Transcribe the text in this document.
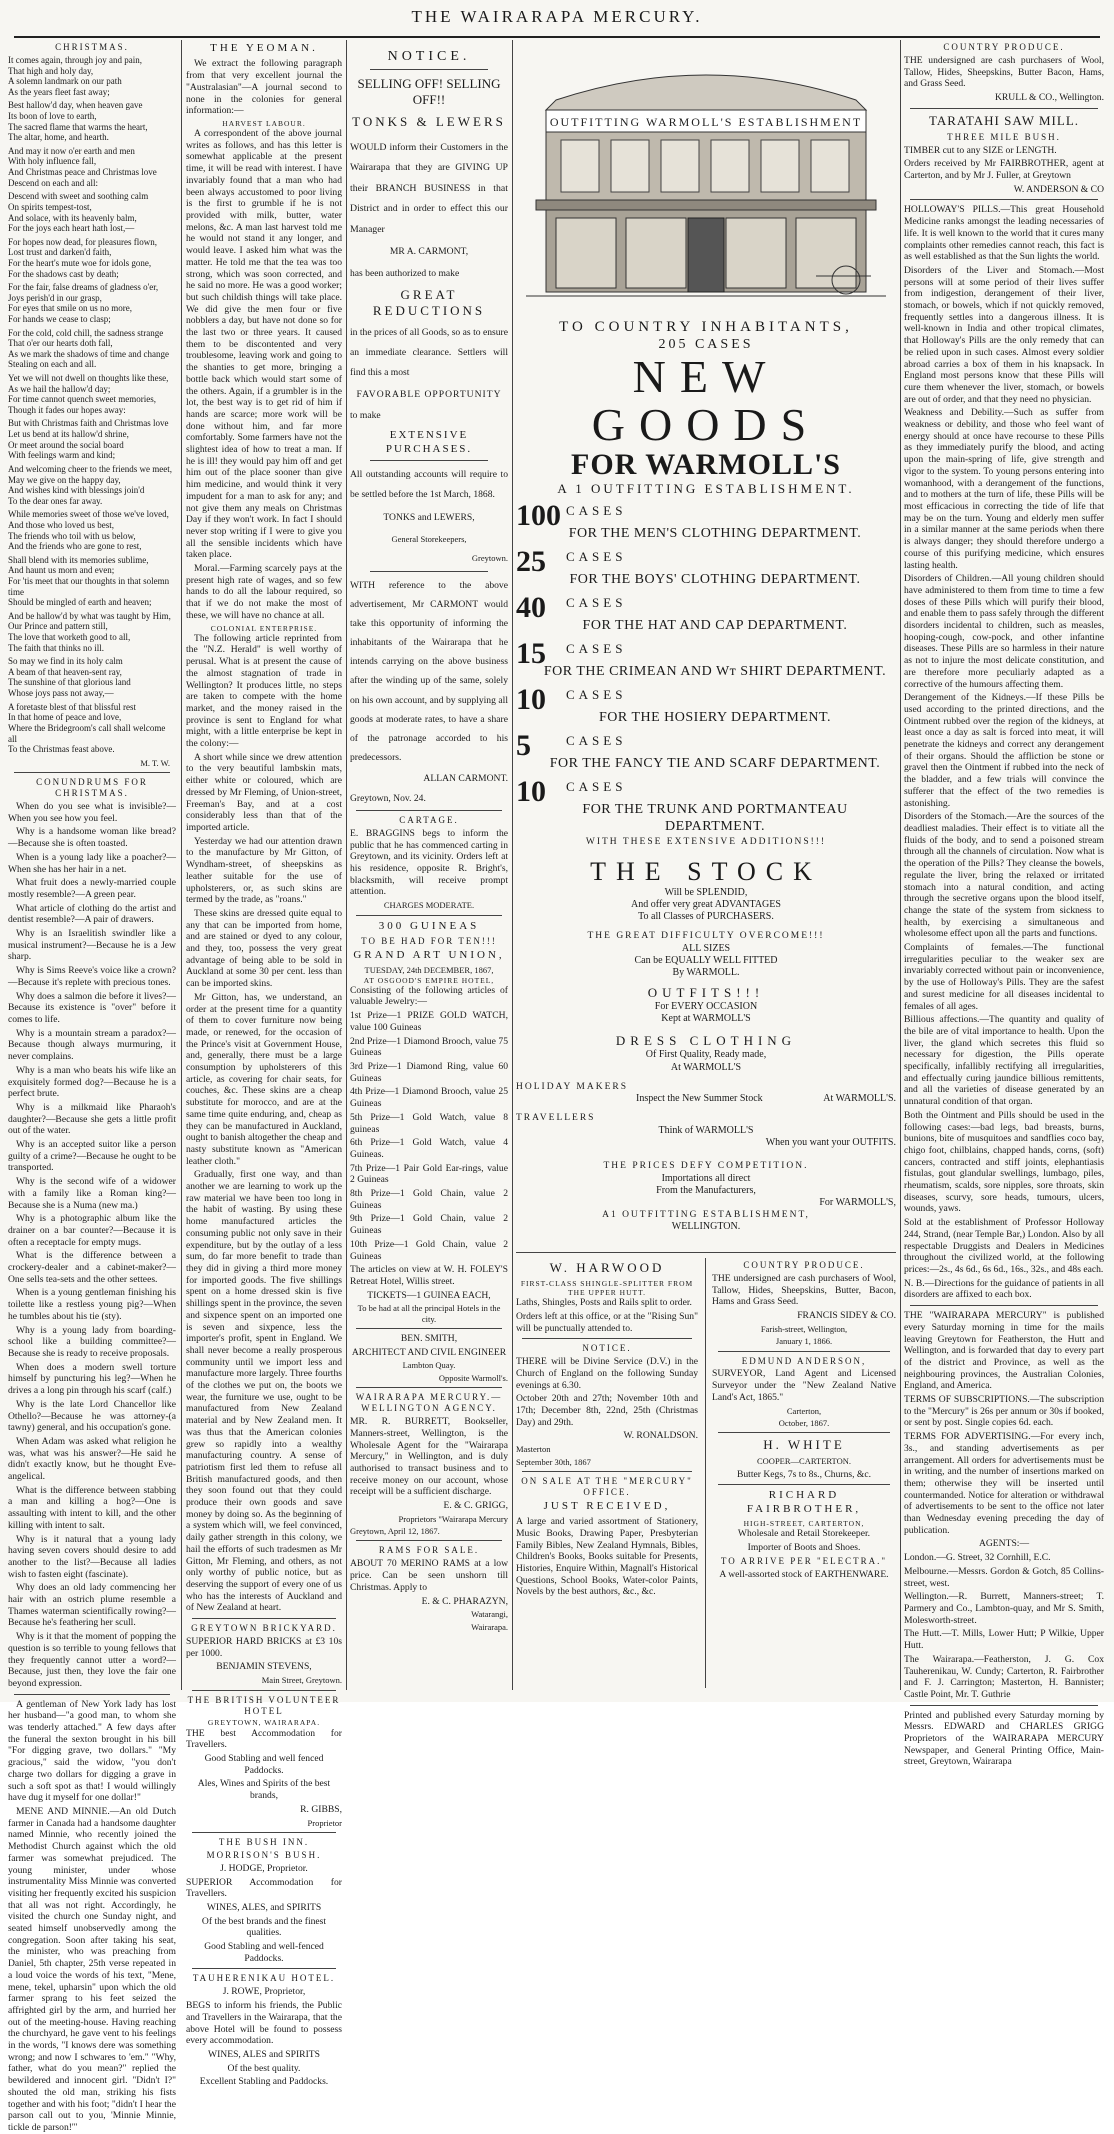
THE WAIRARAPA MERCURY.
CHRISTMAS.

It comes again, through joy and pain,
That high and holy day,
A solemn landmark on our path
As the years fleet fast away;

Best hallow'd day, when heaven gave
Its boon of love to earth,
The sacred flame that warms the heart,
The altar, home, and hearth.

And may it now o'er earth and men
With holy influence fall,
And Christmas peace and Christmas love
Descend on each and all:

Descend with sweet and soothing calm
On spirits tempest-tost,
And solace, with its heavenly balm,
For the joys each heart hath lost,—

For hopes now dead, for pleasures flown,
Lost trust and darken'd faith,
For the heart's mute woe for idols gone,
For the shadows cast by death;

For the fair, false dreams of gladness o'er,
Joys perish'd in our grasp,
For eyes that smile on us no more,
For hands we cease to clasp;

For the cold, cold chill, the sadness strange
That o'er our hearts doth fall,
As we mark the shadows of time and change
Stealing on each and all.

Yet we will not dwell on thoughts like these,
As we hail the hallow'd day;
For time cannot quench sweet memories,
Though it fades our hopes away:

But with Christmas faith and Christmas love
Let us bend at its hallow'd shrine,
Or meet around the social board
With feelings warm and kind;

And welcoming cheer to the friends we meet,
May we give on the happy day,
And wishes kind with blessings join'd
To the dear ones far away.

While memories sweet of those we've loved,
And those who loved us best,
The friends who toil with us below,
And the friends who are gone to rest,

Shall blend with its memories sublime,
And haunt us morn and even;
For 'tis meet that our thoughts in that solemn time
Should be mingled of earth and heaven;

And be hallow'd by what was taught by Him,
Our Prince and pattern still,
The love that worketh good to all,
The faith that thinks no ill.

So may we find in its holy calm
A beam of that heaven-sent ray,
The sunshine of that glorious land
Whose joys pass not away,—

A foretaste blest of that blissful rest
In that home of peace and love,
Where the Bridegroom's call shall welcome all
To the Christmas feast above.

M. T. W.
CONUNDRUMS FOR CHRISTMAS.

When do you see what is invisible?—When you see how you feel.

Why is a handsome woman like bread?—Because she is often toasted.

When is a young lady like a poacher?—When she has her hair in a net.

What fruit does a newly-married couple mostly resemble?—A green pear.

What article of clothing do the artist and dentist resemble?—A pair of drawers.

Why is an Israelitish swindler like a musical instrument?—Because he is a Jew sharp.

Why is Sims Reeve's voice like a crown?—Because it's replete with precious tones.

Why does a salmon die before it lives?—Because its existence is "over" before it comes to life.

Why is a mountain stream a paradox?—Because though always murmuring, it never complains.

Why is a man who beats his wife like an exquisitely formed dog?—Because he is a perfect brute.

Why is a milkmaid like Pharaoh's daughter?—Because she gets a little profit out of the water.

Why is an accepted suitor like a person guilty of a crime?—Because he ought to be transported.

Why is the second wife of a widower with a family like a Roman king?—Because she is a Numa (new ma.)

Why is a photographic album like the drainer on a bar counter?—Because it is often a receptacle for empty mugs.

What is the difference between a crockery-dealer and a cabinet-maker?—One sells tea-sets and the other settees.

When is a young gentleman finishing his toilette like a restless young pig?—When he tumbles about his tie (sty).

Why is a young lady from boarding-school like a building committee?—Because she is ready to receive proposals.

When does a modern swell torture himself by puncturing his leg?—When he drives a a long pin through his scarf (calf.)

Why is the late Lord Chancellor like Othello?—Because he was attorney-(a tawny) general, and his occupation's gone.

When Adam was asked what religion he was, what was his answer?—He said he didn't exactly know, but he thought Eve-angelical.

What is the difference between stabbing a man and killing a hog?—One is assaulting with intent to kill, and the other killing with intent to salt.

Why is it natural that a young lady having seven covers should desire to add another to the list?—Because all ladies wish to fasten eight (fascinate).

Why does an old lady commencing her hair with an ostrich plume resemble a Thames waterman scientifically rowing?—Because he's feathering her scull.

Why is it that the moment of popping the question is so terrible to young fellows that they frequently cannot utter a word?—Because, just then, they love the fair one beyond expression.

A gentleman of New York lady has lost her husband—"a good man, to whom she was tenderly attached." A few days after the funeral the sexton brought in his bill "For digging grave, two dollars." "My gracious," said the widow, "you don't charge two dollars for digging a grave in such a soft spot as that! I would willingly have dug it myself for one dollar!"

MENE AND MINNIE.—An old Dutch farmer in Canada had a handsome daughter named Minnie, who recently joined the Methodist Church against which the old farmer was somewhat prejudiced. The young minister, under whose instrumentality Miss Minnie was converted visiting her frequently excited his suspicion that all was not right. Accordingly, he visited the church one Sunday night, and seated himself unobservedly among the congregation. Soon after taking his seat, the minister, who was preaching from Daniel, 5th chapter, 25th verse repeated in a loud voice the words of his text, "Mene, mene, tekel, upharsin" upon which the old farmer sprang to his feet seized the affrighted girl by the arm, and hurried her out of the meeting-house. Having reaching the churchyard, he gave vent to his feelings in the words, "I knows dere was something wrong; and now I schwares to 'em." "Why, father, what do you mean?" replied the bewildered and innocent girl. "Didn't I?" shouted the old man, striking his fists together and with his foot; "didn't I hear the parson call out to you, 'Minnie Minnie, tickle de parson!'"

THE YEOMAN.

We extract the following paragraph from that very excellent journal the "Australasian"—A journal second to none in the colonies for general information:—

HARVEST LABOUR.

A correspondent of the above journal writes as follows, and has this letter is somewhat applicable at the present time, it will be read with interest. I have invariably found that a man who had been always accustomed to poor living is the first to grumble if he is not provided with milk, butter, water melons, &c. A man last harvest told me he would not stand it any longer, and would leave. I asked him what was the matter. He told me that the tea was too strong, which was soon corrected, and he said no more. He was a good worker; but such childish things will take place. We did give the men four or five nobblers a day, but have not done so for the last two or three years. It caused them to be discontented and very troublesome, leaving work and going to the shanties to get more, bringing a bottle back which would start some of the others. Again, if a grumbler is in the lot, the best way is to get rid of him if hands are scarce; more work will be done without him, and far more comfortably. Some farmers have not the slightest idea of how to treat a man. If he is ill! they would pay him off and get him out of the place sooner than give him medicine, and would think it very impudent for a man to ask for any; and not give them any meals on Christmas Day if they won't work. In fact I should never stop writing if I were to give you all the sensible incidents which have taken place.

Moral.—Farming scarcely pays at the present high rate of wages, and so few hands to do all the labour required, so that if we do not make the most of these, we will have no chance at all.

COLONIAL ENTERPRISE.

The following article reprinted from the "N.Z. Herald" is well worthy of perusal. What is at present the cause of the almost stagnation of trade in Wellington? It produces little, no steps are taken to compete with the home market, and the money raised in the province is sent to England for what might, with a little enterprise be kept in the colony:—

A short while since we drew attention to the very beautiful lambskin mats, either white or coloured, which are dressed by Mr Fleming, of Union-street, Freeman's Bay, and at a cost considerably less than that of the imported article.

Yesterday we had our attention drawn to the manufacture by Mr Gitton, of Wyndham-street, of sheepskins as leather suitable for the use of upholsterers, or, as such skins are termed by the trade, as "roans."

These skins are dressed quite equal to any that can be imported from home, and are stained or dyed to any colour, and they, too, possess the very great advantage of being able to be sold in Auckland at some 30 per cent. less than can be imported skins.

Mr Gitton, has, we understand, an order at the present time for a quantity of them to cover furniture now being made, or renewed, for the occasion of the Prince's visit at Government House, and, generally, there must be a large consumption by upholsterers of this article, as covering for chair seats, for couches, &c. These skins are a cheap substitute for morocco, and are at the same time quite enduring, and, cheap as they can be manufactured in Auckland, ought to banish altogether the cheap and nasty substitute known as "American leather cloth."

Gradually, first one way, and than another we are learning to work up the raw material we have been too long in the habit of wasting. By using these home manufactured articles the consuming public not only save in their expenditure, but by the outlay of a less sum, do far more benefit to trade than they did in giving a third more money for imported goods. The five shillings spent on a home dressed skin is five shillings spent in the province, the seven and sixpence spent on an imported one is seven and sixpence, less the importer's profit, spent in England. We shall never become a really prosperous community until we import less and manufacture more largely. Three fourths of the clothes we put on, the boots we wear, the furniture we use, ought to be manufactured from New Zealand material and by New Zealand men. It was thus that the American colonies grew so rapidly into a wealthy manufacturing country. A sense of patriotism first led them to refuse all British manufactured goods, and then they soon found out that they could produce their own goods and save money by doing so. As the beginning of a system which will, we feel convinced, daily gather strength in this colony, we hail the efforts of such tradesmen as Mr Gitton, Mr Fleming, and others, as not only worthy of public notice, but as deserving the support of every one of us who has the interests of Auckland and of New Zealand at heart.

GREYTOWN BRICKYARD.

SUPERIOR HARD BRICKS at £3 10s per 1000.

BENJAMIN STEVENS,

Main Street, Greytown.

THE BRITISH VOLUNTEER HOTEL
GREYTOWN, WAIRARAPA.

THE best Accommodation for Travellers.

Good Stabling and well fenced Paddocks.

Ales, Wines and Spirits of the best brands,

R. GIBBS,

Proprietor

THE BUSH INN.
MORRISON'S BUSH.

J. HODGE, Proprietor.

SUPERIOR Accommodation for Travellers.

WINES, ALES, and SPIRITS

Of the best brands and the finest qualities.

Good Stabling and well-fenced Paddocks.

TAUHERENIKAU HOTEL.

J. ROWE, Proprietor,

BEGS to inform his friends, the Public and Travellers in the Wairarapa, that the above Hotel will be found to possess every accommodation.

WINES, ALES and SPIRITS

Of the best quality.

Excellent Stabling and Paddocks.

NOTICE.
SELLING OFF! SELLING OFF!!
TONKS & LEWERS

WOULD inform their Customers in the Wairarapa that they are GIVING UP their BRANCH BUSINESS in that District and in order to effect this our Manager

MR A. CARMONT,

has been authorized to make

GREAT REDUCTIONS

in the prices of all Goods, so as to ensure an immediate clearance. Settlers will find this a most

FAVORABLE OPPORTUNITY

to make

EXTENSIVE PURCHASES.

All outstanding accounts will require to be settled before the 1st March, 1868.

TONKS and LEWERS,

General Storekeepers,

Greytown.

WITH reference to the above advertisement, Mr CARMONT would take this opportunity of informing the inhabitants of the Wairarapa that he intends carrying on the above business after the winding up of the same, solely on his own account, and by supplying all goods at moderate rates, to have a share of the patronage accorded to his predecessors.

ALLAN CARMONT.

Greytown, Nov. 24.

CARTAGE.

E. BRAGGINS begs to inform the public that he has commenced carting in Greytown, and its vicinity. Orders left at his residence, opposite R. Bright's, blacksmith, will receive prompt attention.

CHARGES MODERATE.

300 GUINEAS
TO BE HAD FOR TEN!!!
GRAND ART UNION,
TUESDAY, 24th DECEMBER, 1867,
AT OSGOOD'S EMPIRE HOTEL,

Consisting of the following articles of valuable Jewelry:—

1st Prize—1 PRIZE GOLD WATCH, value 100 Guineas

2nd Prize—1 Diamond Brooch, value 75 Guineas

3rd Prize—1 Diamond Ring, value 60 Guineas

4th Prize—1 Diamond Brooch, value 25 Guineas

5th Prize—1 Gold Watch, value 8 guineas

6th Prize—1 Gold Watch, value 4 Guineas.

7th Prize—1 Pair Gold Ear-rings, value 2 Guineas

8th Prize—1 Gold Chain, value 2 Guineas

9th Prize—1 Gold Chain, value 2 Guineas

10th Prize—1 Gold Chain, value 2 Guineas

The articles on view at W. H. FOLEY'S Retreat Hotel, Willis street.

TICKETS—1 GUINEA EACH,

To be had at all the principal Hotels in the city.

BEN. SMITH,

ARCHITECT AND CIVIL ENGINEER

Lambton Quay.

Opposite Warmoll's.

WAIRARAPA MERCURY.—WELLINGTON AGENCY.

MR. R. BURRETT, Bookseller, Manners-street, Wellington, is the Wholesale Agent for the "Wairarapa Mercury," in Wellington, and is duly authorised to transact business and to receive money on our account, whose receipt will be a sufficient discharge.

E. & C. GRIGG,

Proprietors "Wairarapa Mercury

Greytown, April 12, 1867.

RAMS FOR SALE.

ABOUT 70 MERINO RAMS at a low price. Can be seen unshorn till Christmas. Apply to

E. & C. PHARAZYN,

Watarangi,

Wairarapa.

OUTFITTING WARMOLL'S ESTABLISHMENT
TO COUNTRY INHABITANTS,
205 CASES
NEW GOODS
FOR WARMOLL'S
A 1 OUTFITTING ESTABLISHMENT.
100 CASES
FOR THE MEN'S CLOTHING DEPARTMENT.
25 CASES
FOR THE BOYS' CLOTHING DEPARTMENT.
40 CASES
FOR THE HAT AND CAP DEPARTMENT.
15 CASES
FOR THE CRIMEAN AND Wт SHIRT DEPARTMENT.
10 CASES
FOR THE HOSIERY DEPARTMENT.
5	CASES
FOR THE FANCY TIE AND SCARF DEPARTMENT.
10 CASES
FOR THE TRUNK AND PORTMANTEAU DEPARTMENT.
WITH THESE EXTENSIVE ADDITIONS!!!
THE STOCK
Will be SPLENDID,
And offer very great ADVANTAGES
To all Classes of PURCHASERS.
THE GREAT DIFFICULTY OVERCOME!!!
ALL SIZES
Can be EQUALLY WELL FITTED
By WARMOLL.
OUTFITS!!!
For EVERY OCCASION
Kept at WARMOLL'S
DRESS CLOTHING
Of First Quality, Ready made,
At WARMOLL'S
HOLIDAY MAKERS
Inspect the New Summer Stock	At WARMOLL'S.
TRAVELLERS
Think of WARMOLL'S
When you want your OUTFITS.
THE PRICES DEFY COMPETITION.
Importations all direct
From the Manufacturers,
For WARMOLL'S,
A1 OUTFITTING ESTABLISHMENT,
WELLINGTON.
W. HARWOOD
FIRST-CLASS SHINGLE-SPLITTER FROM THE UPPER HUTT.

Laths, Shingles, Posts and Rails split to order.

Orders left at this office, or at the "Rising Sun" will be punctually attended to.

NOTICE.

THERE will be Divine Service (D.V.) in the Church of England on the following Sunday evenings at 6.30.

October 20th and 27th; November 10th and 17th; December 8th, 22nd, 25th (Christmas Day) and 29th.

W. RONALDSON.

Masterton

September 30th, 1867

ON SALE AT THE "MERCURY" OFFICE.
JUST RECEIVED,

A large and varied assortment of Stationery, Music Books, Drawing Paper, Presbyterian Family Bibles, New Zealand Hymnals, Bibles, Children's Books, Books suitable for Presents, Histories, Enquire Within, Magnall's Historical Questions, School Books, Water-color Paints, Novels by the best authors, &c., &c.

COUNTRY PRODUCE.

THE undersigned are cash purchasers of Wool, Tallow, Hides, Sheepskins, Butter, Bacon, Hams and Grass Seed.

FRANCIS SIDEY & CO.

Farish-street, Wellington,

January 1, 1866.

EDMUND ANDERSON,

SURVEYOR, Land Agent and Licensed Surveyor under the "New Zealand Native Land's Act, 1865."

Carterton,

October, 1867.

H. WHITE

COOPER—CARTERTON.

Butter Kegs, 7s to 8s., Churns, &c.

RICHARD FAIRBROTHER,
HIGH-STREET, CARTERTON,

Wholesale and Retail Storekeeper.

Importer of Boots and Shoes.

TO ARRIVE PER "ELECTRA."

A well-assorted stock of EARTHENWARE.

COUNTRY PRODUCE.

THE undersigned are cash purchasers of Wool, Tallow, Hides, Sheepskins, Butter Bacon, Hams, and Grass Seed.

KRULL & CO., Wellington.

TARATAHI SAW MILL.
THREE MILE BUSH.

TIMBER cut to any SIZE or LENGTH.

Orders received by Mr FAIRBROTHER, agent at Carterton, and by Mr J. Fuller, at Greytown

W. ANDERSON & CO

HOLLOWAY'S PILLS.—This great Household Medicine ranks amongst the leading necessaries of life. It is well known to the world that it cures many complaints other remedies cannot reach, this fact is as well established as that the Sun lights the world.

Disorders of the Liver and Stomach.—Most persons will at some period of their lives suffer from indigestion, derangement of their liver, stomach, or bowels, which if not quickly removed, frequently settles into a dangerous illness. It is well-known in India and other tropical climates, that Holloway's Pills are the only remedy that can be relied upon in such cases. Almost every soldier abroad carries a box of them in his knapsack. In England most persons know that these Pills will cure them whenever the liver, stomach, or bowels are out of order, and that they need no physician.

Weakness and Debility.—Such as suffer from weakness or debility, and those who feel want of energy should at once have recourse to these Pills as they immediately purify the blood, and acting upon the main-spring of life, give strength and vigor to the system. To young persons entering into womanhood, with a derangement of the functions, and to mothers at the turn of life, these Pills will be most efficacious in correcting the tide of life that may be on the turn. Young and elderly men suffer in a similar manner at the same periods when there is always danger; they should therefore undergo a course of this purifying medicine, which ensures lasting health.

Disorders of Children.—All young children should have administered to them from time to time a few doses of these Pills which will purify their blood, and enable them to pass safely through the different disorders incidental to children, such as measles, hooping-cough, cow-pock, and other infantine diseases. These Pills are so harmless in their nature as not to injure the most delicate constitution, and are therefore more peculiarly adapted as a corrective of the humours affecting them.

Derangement of the Kidneys.—If these Pills be used according to the printed directions, and the Ointment rubbed over the region of the kidneys, at least once a day as salt is forced into meat, it will penetrate the kidneys and correct any derangement of their organs. Should the affliction be stone or gravel then the Ointment if rubbed into the neck of the bladder, and a few trials will convince the sufferer that the effect of the two remedies is astonishing.

Disorders of the Stomach.—Are the sources of the deadliest maladies. Their effect is to vitiate all the fluids of the body, and to send a poisoned stream through all the channels of circulation. Now what is the operation of the Pills? They cleanse the bowels, regulate the liver, bring the relaxed or irritated stomach into a natural condition, and acting through the secretive organs upon the blood itself, change the state of the system from sickness to health, by exercising a simultaneous and wholesome effect upon all the parts and functions.

Complaints of females.—The functional irregularities peculiar to the weaker sex are invariably corrected without pain or inconvenience, by the use of Holloway's Pills. They are the safest and surest medicine for all diseases incidental to females of all ages.

Billious affections.—The quantity and quality of the bile are of vital importance to health. Upon the liver, the gland which secretes this fluid so necessary for digestion, the Pills operate specifically, infallibly rectifying all irregularities, and effectually curing jaundice billious remittents, and all the varieties of disease generated by an unnatural condition of that organ.

Both the Ointment and Pills should be used in the following cases:—bad legs, bad breasts, burns, bunions, bite of musquitoes and sandflies coco bay, chigo foot, chilblains, chapped hands, corns, (soft) cancers, contracted and stiff joints, elephantiasis fistulas, gout glandular swellings, lumbago, piles, rheumatism, scalds, sore nipples, sore throats, skin diseases, scurvy, sore heads, tumours, ulcers, wounds, yaws.

Sold at the establishment of Professor Holloway 244, Strand, (near Temple Bar,) London. Also by all respectable Druggists and Dealers in Medicines throughout the civilized world, at the following prices:—2s., 4s 6d., 6s 6d., 16s., 32s., and 48s each.

N. B.—Directions for the guidance of patients in all disorders are affixed to each box.

THE "WAIRARAPA MERCURY" is published every Saturday morning in time for the mails leaving Greytown for Featherston, the Hutt and Wellington, and is forwarded that day to every part of the district and Province, as well as the neighbouring provinces, the Australian Colonies, England, and America.

TERMS OF SUBSCRIPTIONS.—The subscription to the "Mercury" is 26s per annum or 30s if booked, or sent by post. Single copies 6d. each.

TERMS FOR ADVERTISING.—For every inch, 3s., and standing advertisements as per arrangement. All orders for advertisements must be in writing, and the number of insertions marked on them; otherwise they will be inserted until countermanded. Notice for alteration or withdrawal of advertisements to be sent to the office not later than Wednesday evening preceding the day of publication.

AGENTS:—

London.—G. Street, 32 Cornhill, E.C.

Melbourne.—Messrs. Gordon & Gotch, 85 Collins-street, west.

Wellington.—R. Burrett, Manners-street; T. Parmery and Co., Lambton-quay, and Mr S. Smith, Molesworth-street.

The Hutt.—T. Mills, Lower Hutt; P Wilkie, Upper Hutt.

The Wairarapa.—Featherston, J. G. Cox Tauherenikau, W. Cundy; Carterton, R. Fairbrother and F. J. Carrington; Masterton, H. Bannister; Castle Point, Mr. T. Guthrie

Printed and published every Saturday morning by Messrs. EDWARD and CHARLES GRIGG Proprietors of the WAIRARAPA MERCURY Newspaper, and General Printing Office, Main-street, Greytown, Wairarapa
